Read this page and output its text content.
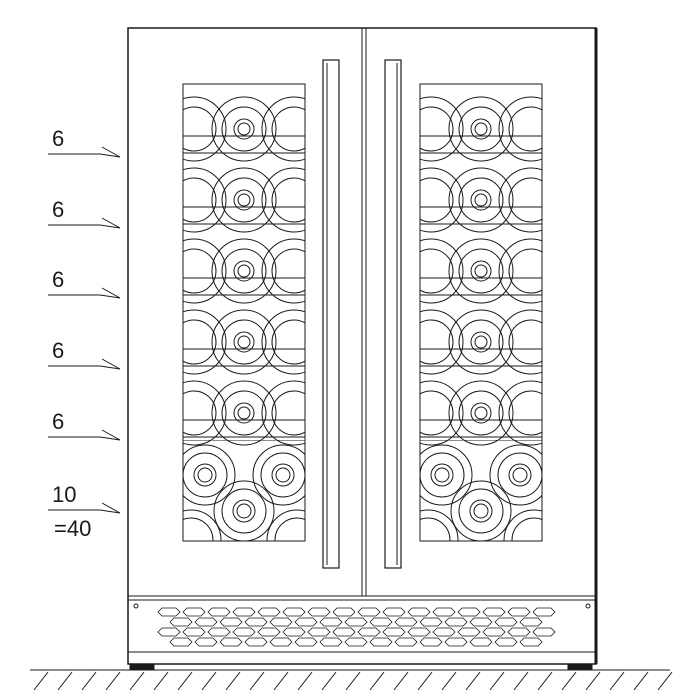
6
6
6
6
6
10
=40
